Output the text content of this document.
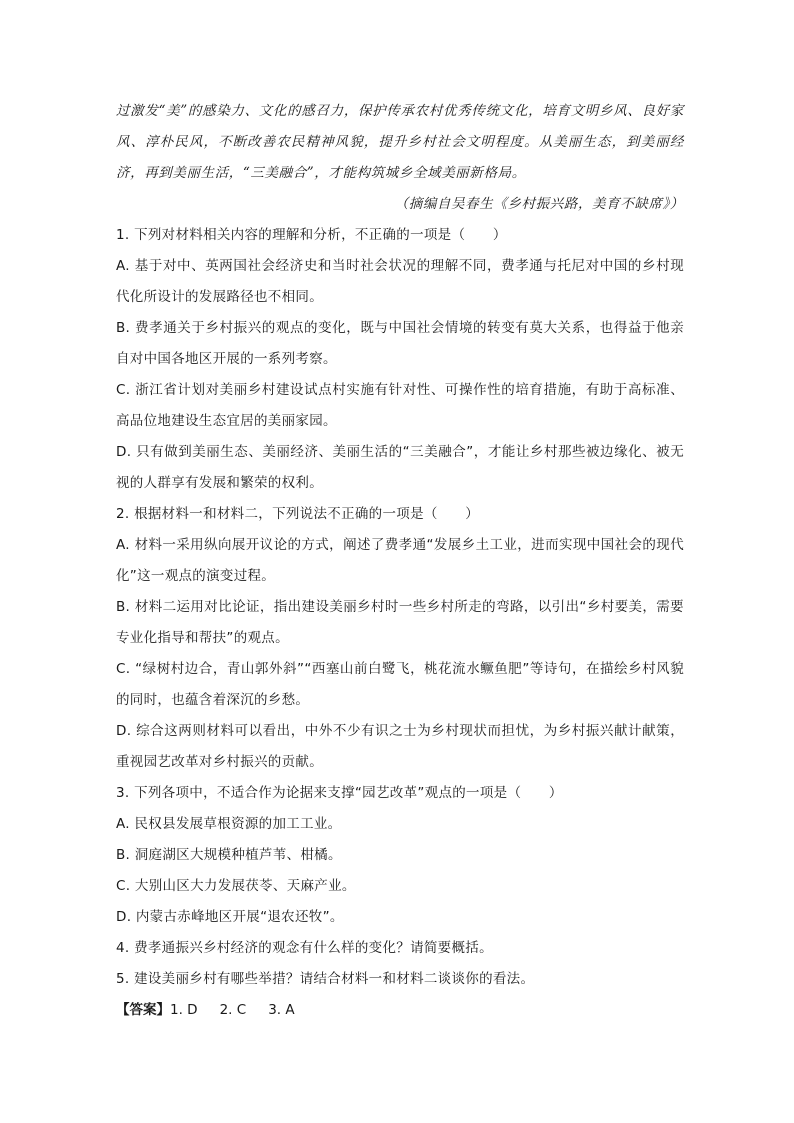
过激发“美”的感染力、文化的感召力，保护传承农村优秀传统文化，培育文明乡风、良好家风、淳朴民风，不断改善农民精神风貌，提升乡村社会文明程度。从美丽生态，到美丽经济，再到美丽生活，“三美融合”，才能构筑城乡全域美丽新格局。

（摘编自吴春生《乡村振兴路，美育不缺席》）

1. 下列对材料相关内容的理解和分析，不正确的一项是（　　）

A. 基于对中、英两国社会经济史和当时社会状况的理解不同，费孝通与托尼对中国的乡村现代化所设计的发展路径也不相同。

B. 费孝通关于乡村振兴的观点的变化，既与中国社会情境的转变有莫大关系，也得益于他亲自对中国各地区开展的一系列考察。

C. 浙江省计划对美丽乡村建设试点村实施有针对性、可操作性的培育措施，有助于高标准、高品位地建设生态宜居的美丽家园。

D. 只有做到美丽生态、美丽经济、美丽生活的“三美融合”，才能让乡村那些被边缘化、被无视的人群享有发展和繁荣的权利。

2. 根据材料一和材料二，下列说法不正确的一项是（　　）

A. 材料一采用纵向展开议论的方式，阐述了费孝通“发展乡土工业，进而实现中国社会的现代化”这一观点的演变过程。

B. 材料二运用对比论证，指出建设美丽乡村时一些乡村所走的弯路，以引出“乡村要美，需要专业化指导和帮扶”的观点。

C. “绿树村边合，青山郭外斜”“西塞山前白鹭飞，桃花流水鳜鱼肥”等诗句，在描绘乡村风貌的同时，也蕴含着深沉的乡愁。

D. 综合这两则材料可以看出，中外不少有识之士为乡村现状而担忧，为乡村振兴献计献策，重视园艺改革对乡村振兴的贡献。

3. 下列各项中，不适合作为论据来支撑“园艺改革”观点的一项是（　　）

A. 民权县发展草根资源的加工工业。

B. 洞庭湖区大规模种植芦苇、柑橘。

C. 大别山区大力发展茯苓、天麻产业。

D. 内蒙古赤峰地区开展“退农还牧”。

4. 费孝通振兴乡村经济的观念有什么样的变化？请简要概括。

5. 建设美丽乡村有哪些举措？请结合材料一和材料二谈谈你的看法。

【答案】1. D 2. C 3. A
